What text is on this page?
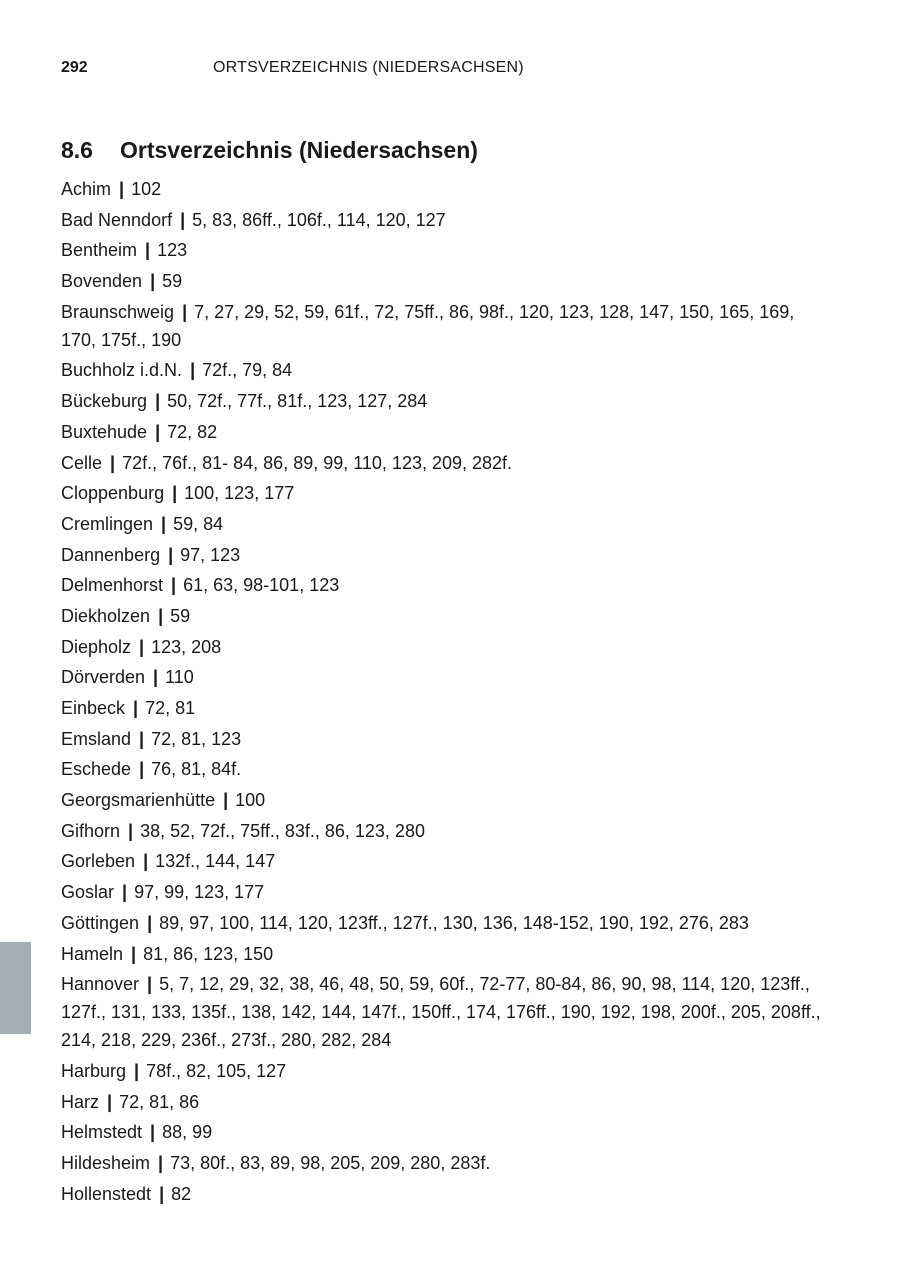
292	ORTSVERZEICHNIS (NIEDERSACHSEN)
8.6 Ortsverzeichnis (Niedersachsen)
Achim | 102
Bad Nenndorf | 5, 83, 86ff., 106f., 114, 120, 127
Bentheim | 123
Bovenden | 59
Braunschweig | 7, 27, 29, 52, 59, 61f., 72, 75ff., 86, 98f., 120, 123, 128, 147, 150, 165, 169, 170, 175f., 190
Buchholz i.d.N. | 72f., 79, 84
Bückeburg | 50, 72f., 77f., 81f., 123, 127, 284
Buxtehude | 72, 82
Celle | 72f., 76f., 81- 84, 86, 89, 99, 110, 123, 209, 282f.
Cloppenburg | 100, 123, 177
Cremlingen | 59, 84
Dannenberg | 97, 123
Delmenhorst | 61, 63, 98-101, 123
Diekholzen | 59
Diepholz | 123, 208
Dörverden | 110
Einbeck | 72, 81
Emsland | 72, 81, 123
Eschede | 76, 81, 84f.
Georgsmarienhütte | 100
Gifhorn | 38, 52, 72f., 75ff., 83f., 86, 123, 280
Gorleben | 132f., 144, 147
Goslar | 97, 99, 123, 177
Göttingen | 89, 97, 100, 114, 120, 123ff., 127f., 130, 136, 148-152, 190, 192, 276, 283
Hameln | 81, 86, 123, 150
Hannover | 5, 7, 12, 29, 32, 38, 46, 48, 50, 59, 60f., 72-77, 80-84, 86, 90, 98, 114, 120, 123ff., 127f., 131, 133, 135f., 138, 142, 144, 147f., 150ff., 174, 176ff., 190, 192, 198, 200f., 205, 208ff., 214, 218, 229, 236f., 273f., 280, 282, 284
Harburg | 78f., 82, 105, 127
Harz | 72, 81, 86
Helmstedt | 88, 99
Hildesheim | 73, 80f., 83, 89, 98, 205, 209, 280, 283f.
Hollenstedt | 82
